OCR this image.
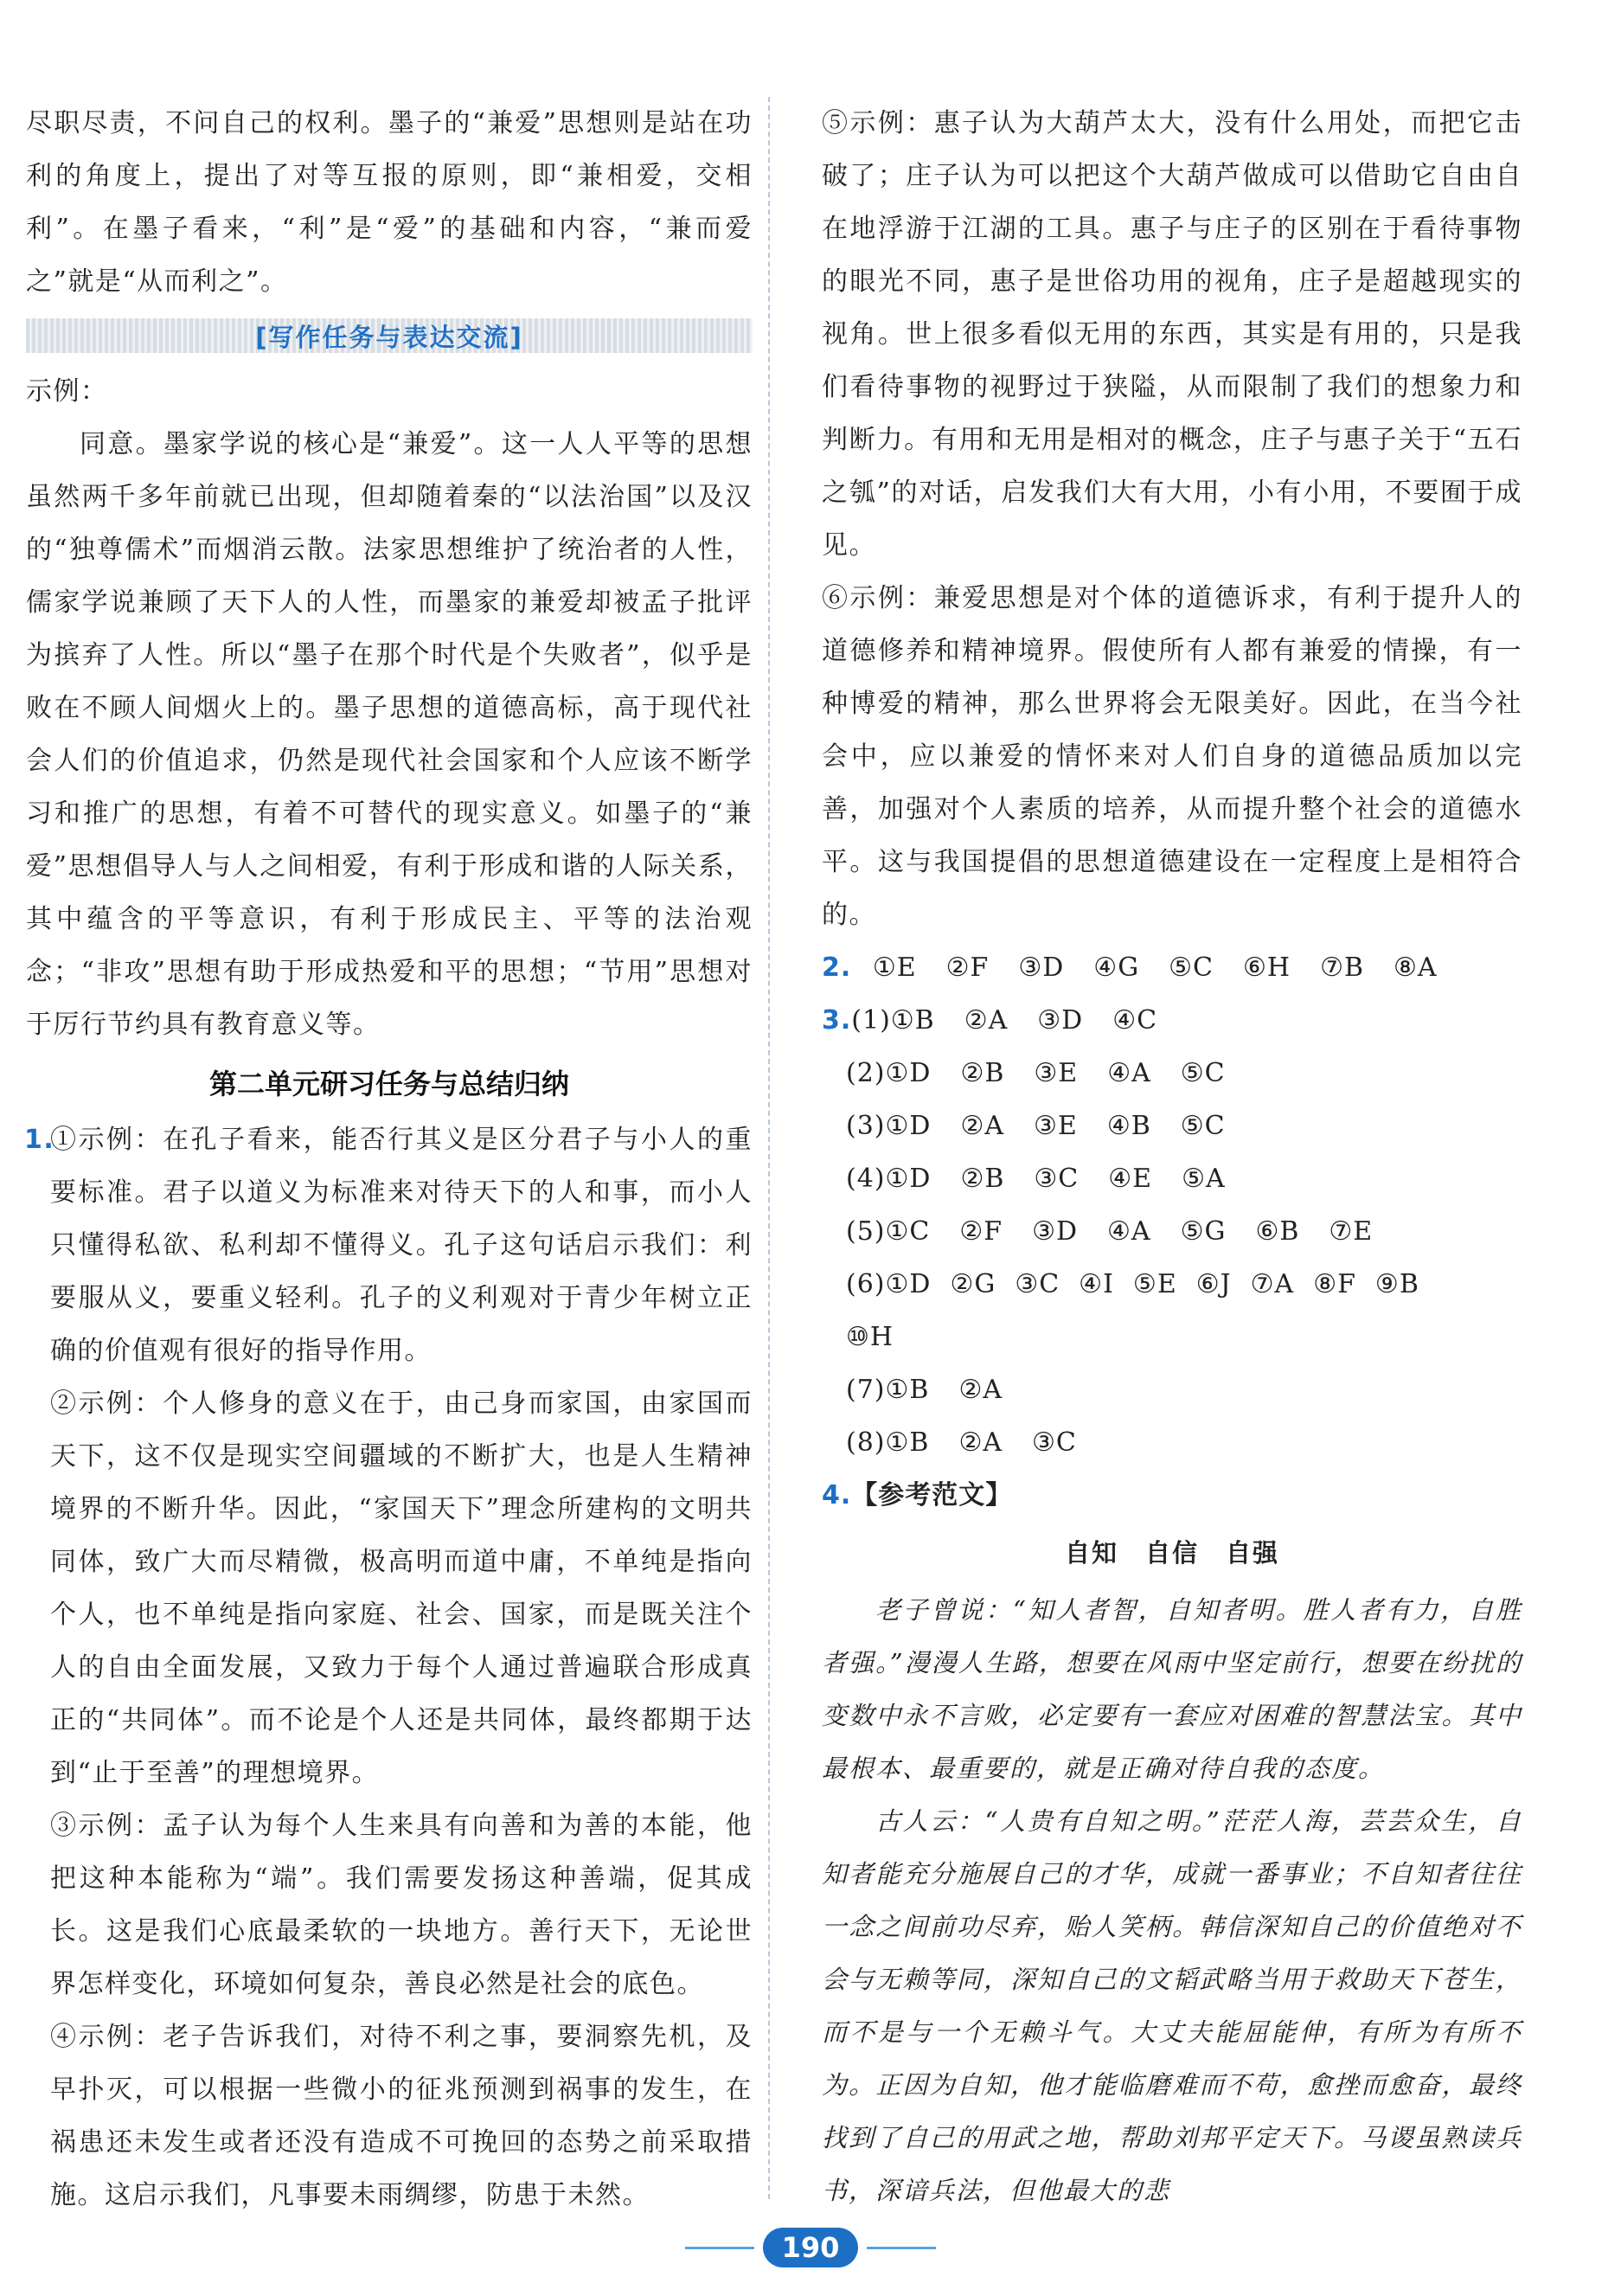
尽职尽责，不问自己的权利。墨子的“兼爱”思想则是站在功利的角度上，提出了对等互报的原则，即“兼相爱，交相利”。在墨子看来，“利”是“爱”的基础和内容，“兼而爱之”就是“从而利之”。

[写作任务与表达交流]

示例：

同意。墨家学说的核心是“兼爱”。这一人人平等的思想虽然两千多年前就已出现，但却随着秦的“以法治国”以及汉的“独尊儒术”而烟消云散。法家思想维护了统治者的人性，儒家学说兼顾了天下人的人性，而墨家的兼爱却被孟子批评为摈弃了人性。所以“墨子在那个时代是个失败者”，似乎是败在不顾人间烟火上的。墨子思想的道德高标，高于现代社会人们的价值追求，仍然是现代社会国家和个人应该不断学习和推广的思想，有着不可替代的现实意义。如墨子的“兼爱”思想倡导人与人之间相爱，有利于形成和谐的人际关系，其中蕴含的平等意识，有利于形成民主、平等的法治观念；“非攻”思想有助于形成热爱和平的思想；“节用”思想对于厉行节约具有教育意义等。

第二单元研习任务与总结归纳
1.

①示例：在孔子看来，能否行其义是区分君子与小人的重要标准。君子以道义为标准来对待天下的人和事，而小人只懂得私欲、私利却不懂得义。孔子这句话启示我们：利要服从义，要重义轻利。孔子的义利观对于青少年树立正确的价值观有很好的指导作用。

②示例：个人修身的意义在于，由己身而家国，由家国而天下，这不仅是现实空间疆域的不断扩大，也是人生精神境界的不断升华。因此，“家国天下”理念所建构的文明共同体，致广大而尽精微，极高明而道中庸，不单纯是指向个人，也不单纯是指向家庭、社会、国家，而是既关注个人的自由全面发展，又致力于每个人通过普遍联合形成真正的“共同体”。而不论是个人还是共同体，最终都期于达到“止于至善”的理想境界。

③示例：孟子认为每个人生来具有向善和为善的本能，他把这种本能称为“端”。我们需要发扬这种善端，促其成长。这是我们心底最柔软的一块地方。善行天下，无论世界怎样变化，环境如何复杂，善良必然是社会的底色。

④示例：老子告诉我们，对待不利之事，要洞察先机，及早扑灭，可以根据一些微小的征兆预测到祸事的发生，在祸患还未发生或者还没有造成不可挽回的态势之前采取措施。这启示我们，凡事要未雨绸缪，防患于未然。

⑤示例：惠子认为大葫芦太大，没有什么用处，而把它击破了；庄子认为可以把这个大葫芦做成可以借助它自由自在地浮游于江湖的工具。惠子与庄子的区别在于看待事物的眼光不同，惠子是世俗功用的视角，庄子是超越现实的视角。世上很多看似无用的东西，其实是有用的，只是我们看待事物的视野过于狭隘，从而限制了我们的想象力和判断力。有用和无用是相对的概念，庄子与惠子关于“五石之瓠”的对话，启发我们大有大用，小有小用，不要囿于成见。

⑥示例：兼爱思想是对个体的道德诉求，有利于提升人的道德修养和精神境界。假使所有人都有兼爱的情操，有一种博爱的精神，那么世界将会无限美好。因此，在当今社会中，应以兼爱的情怀来对人们自身的道德品质加以完善，加强对个人素质的培养，从而提升整个社会的道德水平。这与我国提倡的思想道德建设在一定程度上是相符合的。

2. ①E ②F ③D ④G ⑤C ⑥H ⑦B ⑧A

3.(1)①B ②A ③D ④C

(2)①D ②B ③E ④A ⑤C

(3)①D ②A ③E ④B ⑤C

(4)①D ②B ③C ④E ⑤A

(5)①C ②F ③D ④A ⑤G ⑥B ⑦E

(6)①D ②G ③C ④I ⑤E ⑥J ⑦A ⑧F ⑨B

⑩H

(7)①B ②A

(8)①B ②A ③C

4.【参考范文】

自知　自信　自强

老子曾说：“知人者智，自知者明。胜人者有力，自胜者强。”漫漫人生路，想要在风雨中坚定前行，想要在纷扰的变数中永不言败，必定要有一套应对困难的智慧法宝。其中最根本、最重要的，就是正确对待自我的态度。

古人云：“人贵有自知之明。”茫茫人海，芸芸众生，自知者能充分施展自己的才华，成就一番事业；不自知者往往一念之间前功尽弃，贻人笑柄。韩信深知自己的价值绝对不会与无赖等同，深知自己的文韬武略当用于救助天下苍生，而不是与一个无赖斗气。大丈夫能屈能伸，有所为有所不为。正因为自知，他才能临磨难而不苟，愈挫而愈奋，最终找到了自己的用武之地，帮助刘邦平定天下。马谡虽熟读兵书，深谙兵法，但他最大的悲

190
